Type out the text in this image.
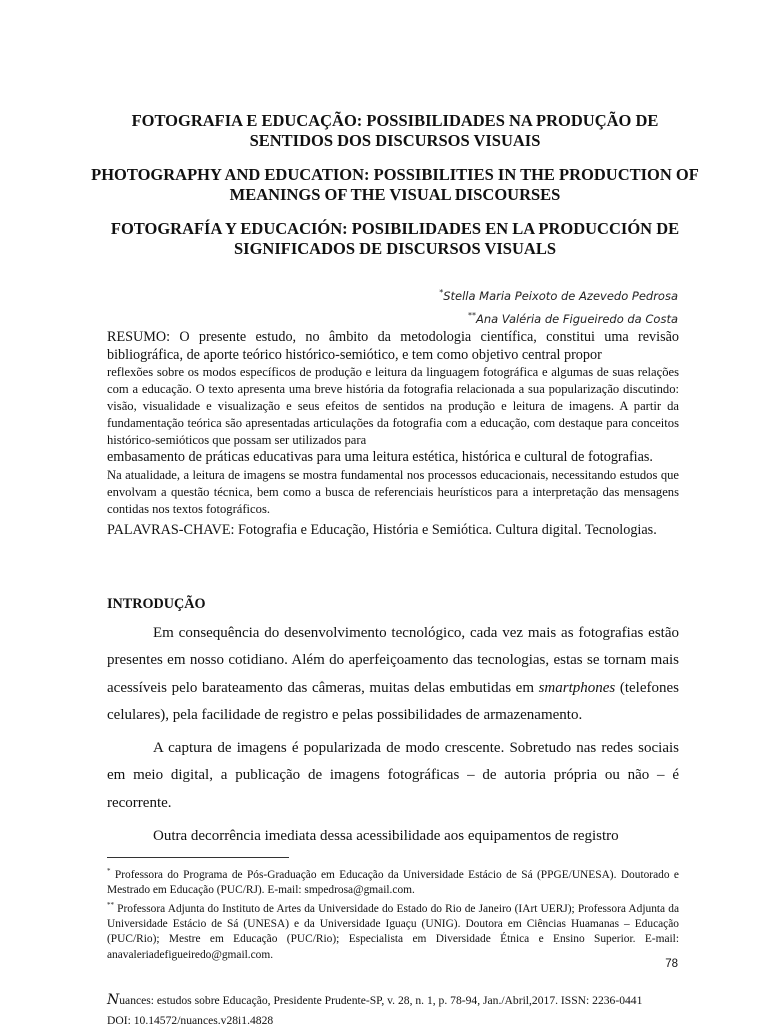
FOTOGRAFIA E EDUCAÇÃO: POSSIBILIDADES NA PRODUÇÃO DE SENTIDOS DOS DISCURSOS VISUAIS
PHOTOGRAPHY AND EDUCATION: POSSIBILITIES IN THE PRODUCTION OF MEANINGS OF THE VISUAL DISCOURSES
FOTOGRAFÍA Y EDUCACIÓN: POSIBILIDADES EN LA PRODUCCIÓN DE SIGNIFICADOS DE DISCURSOS VISUALS
*Stella Maria Peixoto de Azevedo Pedrosa
**Ana Valéria de Figueiredo da Costa

RESUMO: O presente estudo, no âmbito da metodologia científica, constitui uma revisão bibliográfica, de aporte teórico histórico-semiótico, e tem como objetivo central propor

reflexões sobre os modos específicos de produção e leitura da linguagem fotográfica e algumas de suas relações com a educação. O texto apresenta uma breve história da fotografia relacionada a sua popularização discutindo: visão, visualidade e visualização e seus efeitos de sentidos na produção e leitura de imagens. A partir da fundamentação teórica são apresentadas articulações da fotografia com a educação, com destaque para conceitos histórico-semióticos que possam ser utilizados para

embasamento de práticas educativas para uma leitura estética, histórica e cultural de fotografias.

Na atualidade, a leitura de imagens se mostra fundamental nos processos educacionais, necessitando estudos que envolvam a questão técnica, bem como a busca de referenciais heurísticos para a interpretação das mensagens contidas nos textos fotográficos.

PALAVRAS-CHAVE: Fotografia e Educação, História e Semiótica. Cultura digital. Tecnologias.

INTRODUÇÃO

Em consequência do desenvolvimento tecnológico, cada vez mais as fotografias estão presentes em nosso cotidiano. Além do aperfeiçoamento das tecnologias, estas se tornam mais acessíveis pelo barateamento das câmeras, muitas delas embutidas em smartphones (telefones celulares), pela facilidade de registro e pelas possibilidades de armazenamento.

A captura de imagens é popularizada de modo crescente. Sobretudo nas redes sociais em meio digital, a publicação de imagens fotográficas – de autoria própria ou não – é recorrente.

Outra decorrência imediata dessa acessibilidade aos equipamentos de registro

* Professora do Programa de Pós-Graduação em Educação da Universidade Estácio de Sá (PPGE/UNESA). Doutorado e Mestrado em Educação (PUC/RJ). E-mail: smpedrosa@gmail.com.

** Professora Adjunta do Instituto de Artes da Universidade do Estado do Rio de Janeiro (IArt UERJ); Professora Adjunta da Universidade Estácio de Sá (UNESA) e da Universidade Iguaçu (UNIG). Doutora em Ciências Huamanas – Educação (PUC/Rio); Mestre em Educação (PUC/Rio); Especialista em Diversidade Étnica e Ensino Superior. E-mail: anavaleriadefigueiredo@gmail.com.

78
Nuances: estudos sobre Educação, Presidente Prudente-SP, v. 28, n. 1, p. 78-94, Jan./Abril,2017. ISSN: 2236-0441
DOI: 10.14572/nuances.v28i1.4828
